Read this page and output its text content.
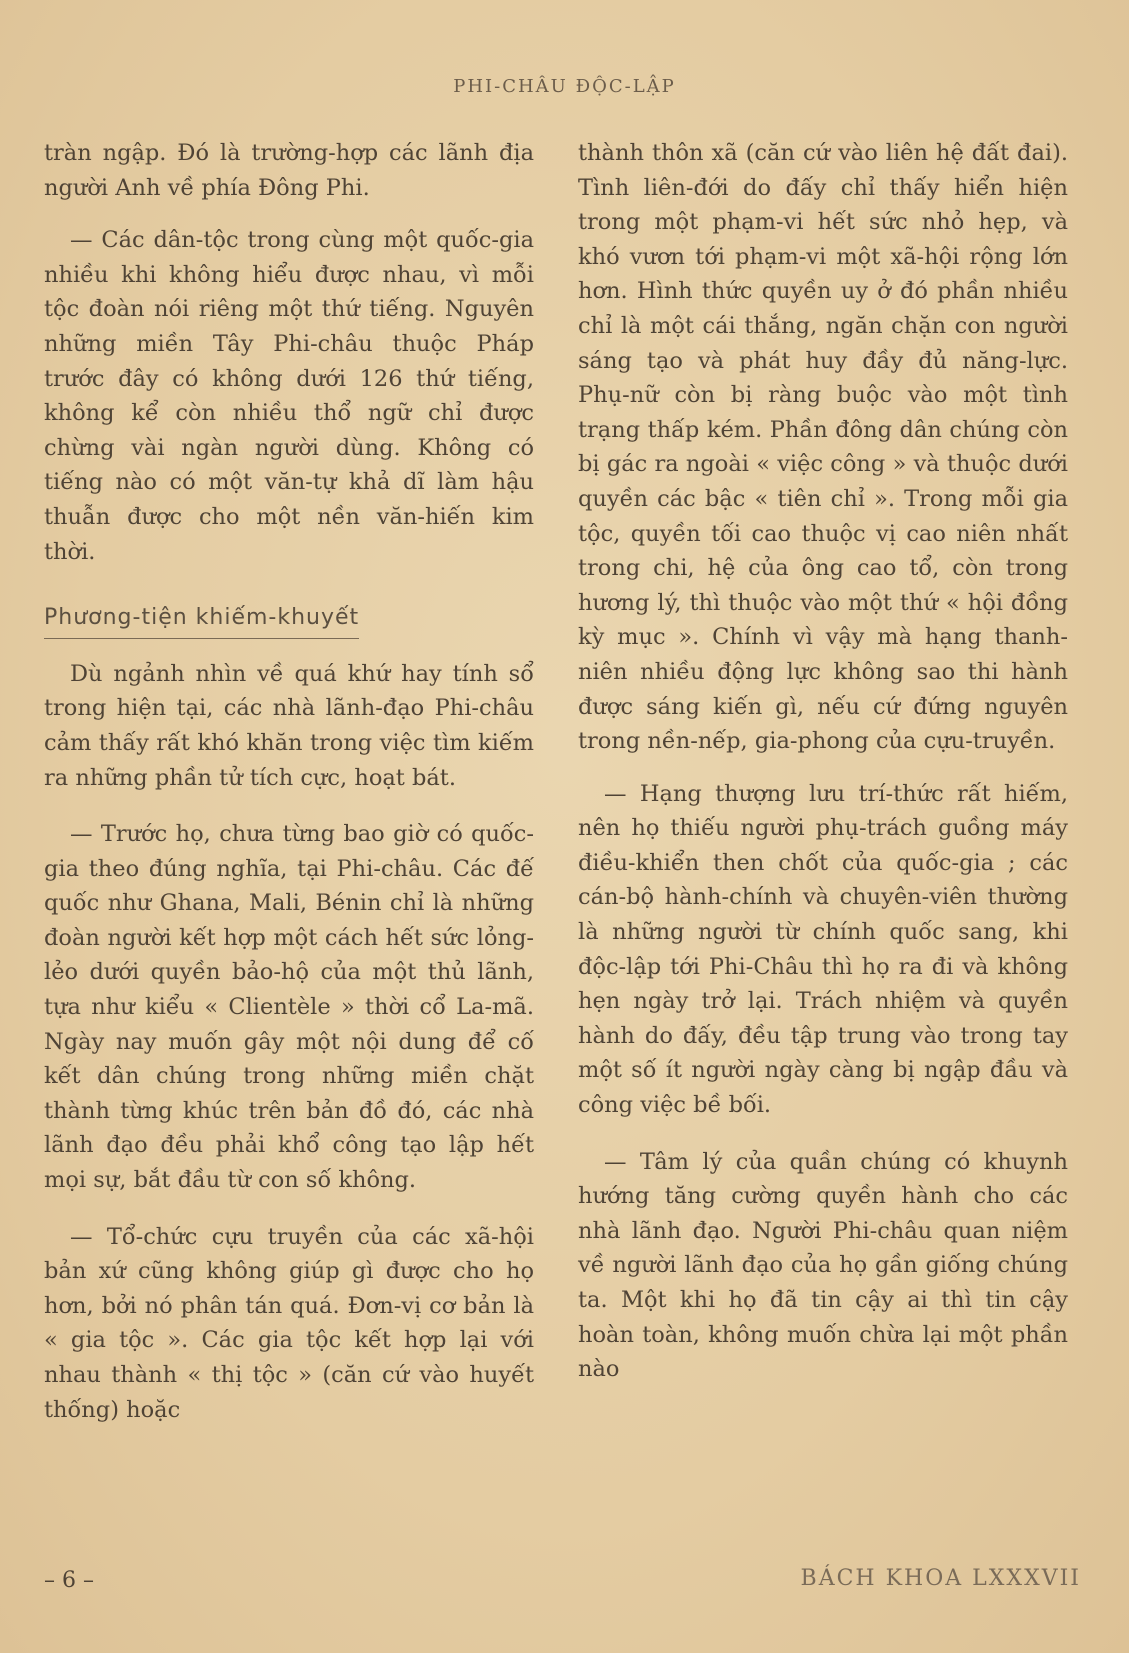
PHI-CHÂU ĐỘC-LẬP

tràn ngập. Đó là trường-hợp các lãnh địa người Anh về phía Đông Phi.

— Các dân-tộc trong cùng một quốc-gia nhiều khi không hiểu được nhau, vì mỗi tộc đoàn nói riêng một thứ tiếng. Nguyên những miền Tây Phi-châu thuộc Pháp trước đây có không dưới 126 thứ tiếng, không kể còn nhiều thổ ngữ chỉ được chừng vài ngàn người dùng. Không có tiếng nào có một văn-tự khả dĩ làm hậu thuẫn được cho một nền văn-hiến kim thời.

Phương-tiện khiếm-khuyết

Dù ngảnh nhìn về quá khứ hay tính sổ trong hiện tại, các nhà lãnh-đạo Phi-châu cảm thấy rất khó khăn trong việc tìm kiếm ra những phần tử tích cực, hoạt bát.

— Trước họ, chưa từng bao giờ có quốc-gia theo đúng nghĩa, tại Phi-châu. Các đế quốc như Ghana, Mali, Bénin chỉ là những đoàn người kết hợp một cách hết sức lỏng-lẻo dưới quyền bảo-hộ của một thủ lãnh, tựa như kiểu « Clientèle » thời cổ La-mã. Ngày nay muốn gây một nội dung để cố kết dân chúng trong những miền chặt thành từng khúc trên bản đồ đó, các nhà lãnh đạo đều phải khổ công tạo lập hết mọi sự, bắt đầu từ con số không.

— Tổ-chức cựu truyền của các xã-hội bản xứ cũng không giúp gì được cho họ hơn, bởi nó phân tán quá. Đơn-vị cơ bản là « gia tộc ». Các gia tộc kết hợp lại với nhau thành « thị tộc » (căn cứ vào huyết thống) hoặc

thành thôn xã (căn cứ vào liên hệ đất đai). Tình liên-đới do đấy chỉ thấy hiển hiện trong một phạm-vi hết sức nhỏ hẹp, và khó vươn tới phạm-vi một xã-hội rộng lớn hơn. Hình thức quyền uy ở đó phần nhiều chỉ là một cái thắng, ngăn chặn con người sáng tạo và phát huy đầy đủ năng-lực. Phụ-nữ còn bị ràng buộc vào một tình trạng thấp kém. Phần đông dân chúng còn bị gác ra ngoài « việc công » và thuộc dưới quyền các bậc « tiên chỉ ». Trong mỗi gia tộc, quyền tối cao thuộc vị cao niên nhất trong chi, hệ của ông cao tổ, còn trong hương lý, thì thuộc vào một thứ « hội đồng kỳ mục ». Chính vì vậy mà hạng thanh-niên nhiều động lực không sao thi hành được sáng kiến gì, nếu cứ đứng nguyên trong nền-nếp, gia-phong của cựu-truyền.

— Hạng thượng lưu trí-thức rất hiếm, nên họ thiếu người phụ-trách guồng máy điều-khiển then chốt của quốc-gia ; các cán-bộ hành-chính và chuyên-viên thường là những người từ chính quốc sang, khi độc-lập tới Phi-Châu thì họ ra đi và không hẹn ngày trở lại. Trách nhiệm và quyền hành do đấy, đều tập trung vào trong tay một số ít người ngày càng bị ngập đầu và công việc bề bối.

— Tâm lý của quần chúng có khuynh hướng tăng cường quyền hành cho các nhà lãnh đạo. Người Phi-châu quan niệm về người lãnh đạo của họ gần giống chúng ta. Một khi họ đã tin cậy ai thì tin cậy hoàn toàn, không muốn chừa lại một phần nào

– 6 –	BÁCH KHOA LXXXVII
